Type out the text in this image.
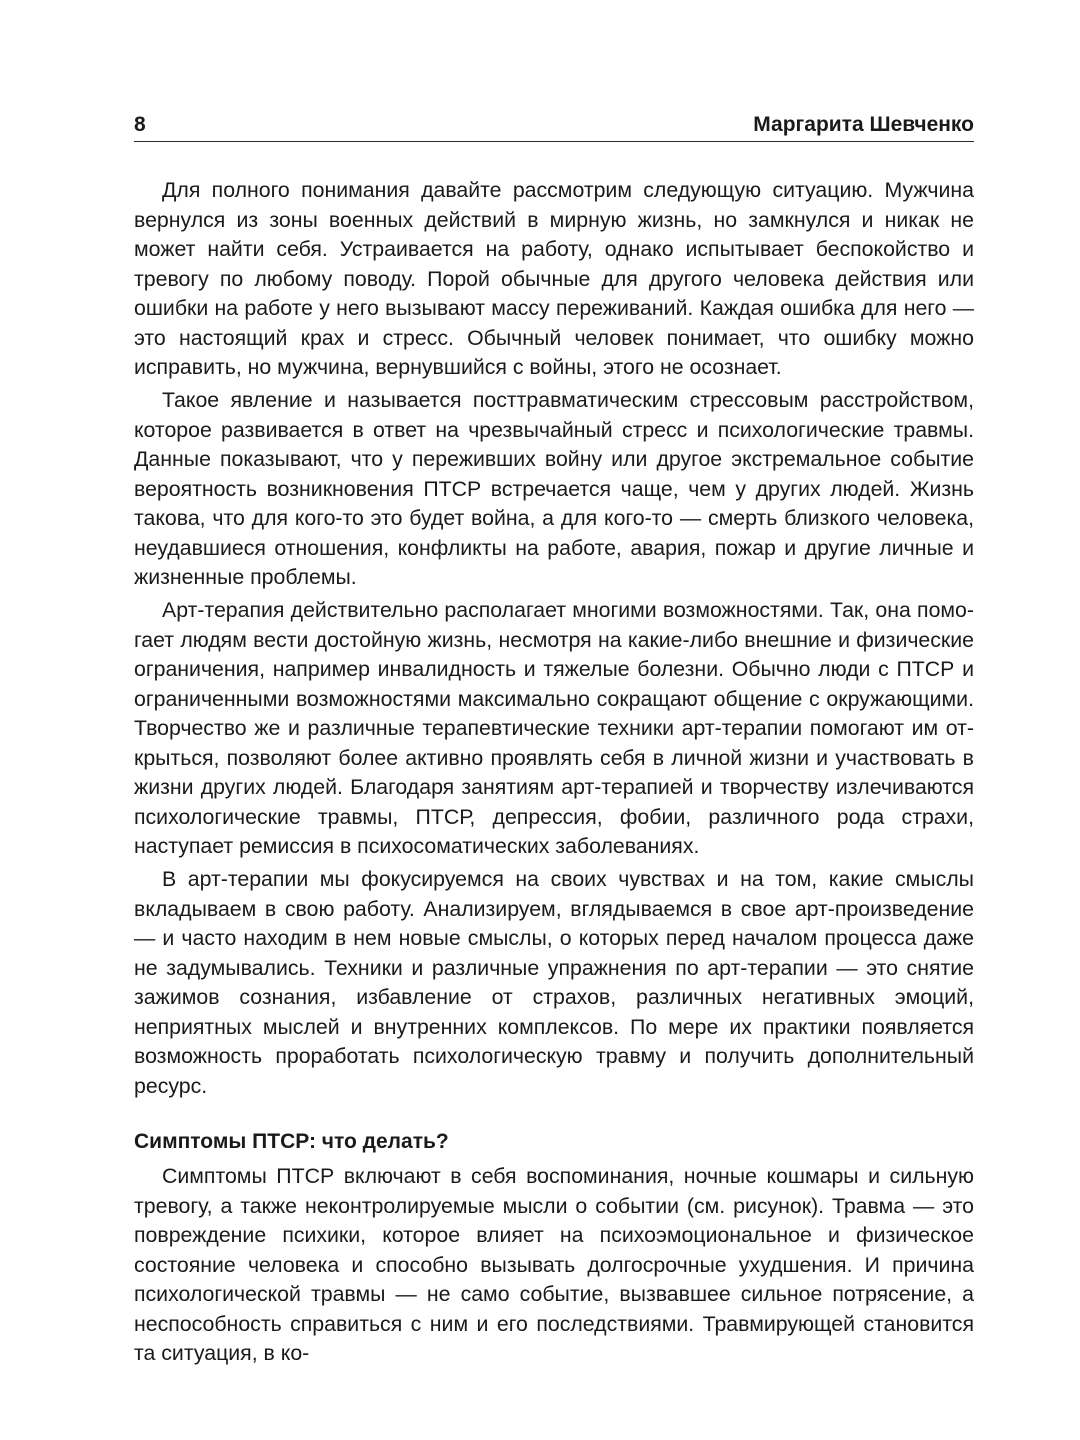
8	Маргарита Шевченко

Для полного понимания давайте рассмотрим следующую ситуацию. Мужчина вернулся из зоны военных действий в мирную жизнь, но замкнулся и никак не может найти себя. Устраивается на работу, однако испытывает беспокойство и тревогу по любому поводу. Порой обычные для другого человека действия или ошибки на работе у него вызывают массу переживаний. Каждая ошибка для него — это настоящий крах и стресс. Обычный человек понимает, что ошибку можно исправить, но мужчина, вернувшийся с войны, этого не осознает.

Такое явление и называется посттравматическим стрессовым расстройством, которое развивается в ответ на чрезвычайный стресс и психологические травмы. Данные показывают, что у переживших войну или другое экстремальное событие вероятность возникновения ПТСР встречается чаще, чем у других людей. Жизнь такова, что для кого-то это будет война, а для кого-то — смерть близкого человека, неудавшиеся отношения, конфликты на работе, авария, пожар и другие личные и жизненные проблемы.

Арт-терапия действительно располагает многими возможностями. Так, она помогает людям вести достойную жизнь, несмотря на какие-либо внешние и физические ограничения, например инвалидность и тяжелые болезни. Обычно люди с ПТСР и ограниченными возможностями максимально сокращают общение с окружающими. Творчество же и различные терапевтические техники арт-терапии помогают им открыться, позволяют более активно проявлять себя в личной жизни и участвовать в жизни других людей. Благодаря занятиям арт-терапией и творчеству излечиваются психологические травмы, ПТСР, депрессия, фобии, различного рода страхи, наступает ремиссия в психосоматических заболеваниях.

В арт-терапии мы фокусируемся на своих чувствах и на том, какие смыслы вкладываем в свою работу. Анализируем, вглядываемся в свое арт-произведение — и часто находим в нем новые смыслы, о которых перед началом процесса даже не задумывались. Техники и различные упражнения по арт-терапии — это снятие зажимов сознания, избавление от страхов, различных негативных эмоций, неприятных мыслей и внутренних комплексов. По мере их практики появляется возможность проработать психологическую травму и получить дополнительный ресурс.

Симптомы ПТСР: что делать?

Симптомы ПТСР включают в себя воспоминания, ночные кошмары и сильную тревогу, а также неконтролируемые мысли о событии (см. рисунок). Травма — это повреждение психики, которое влияет на психоэмоциональное и физическое состояние человека и способно вызывать долгосрочные ухудшения. И причина психологической травмы — не само событие, вызвавшее сильное потрясение, а неспособность справиться с ним и его последствиями. Травмирующей становится та ситуация, в ко-
